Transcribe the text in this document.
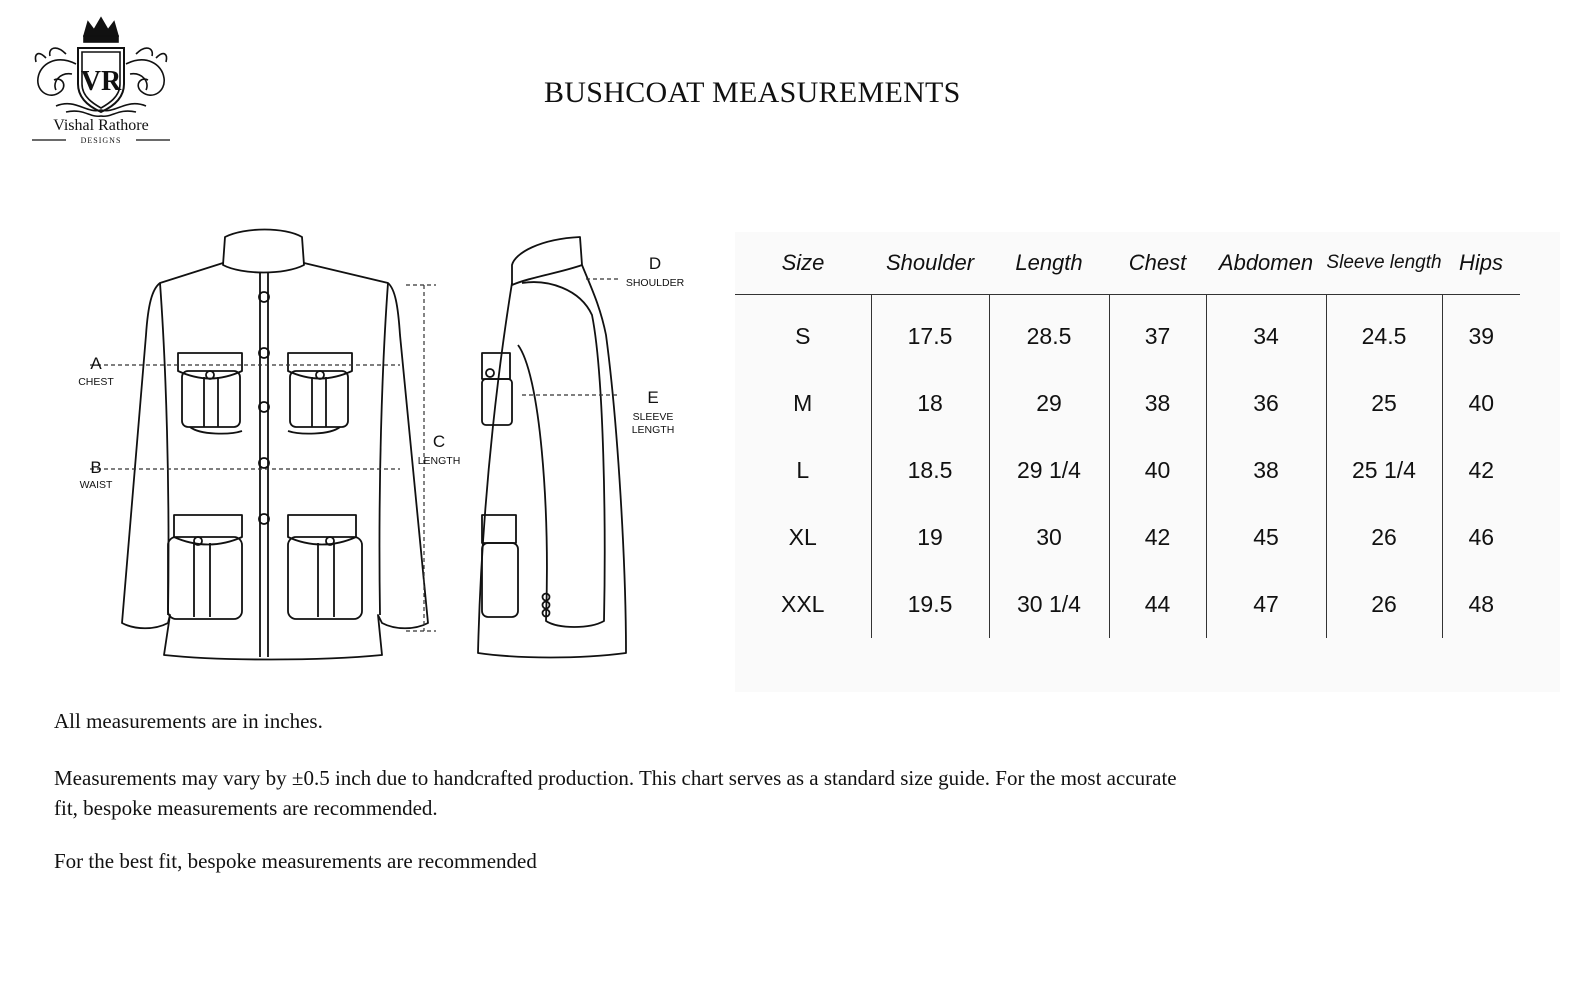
VR
Vishal Rathore
DESIGNS
BUSHCOAT MEASUREMENTS
A
CHEST
B
WAIST
C
LENGTH
D
SHOULDER
E
SLEEVE
LENGTH
Size	Shoulder	Length	Chest	Abdomen	Sleeve length	Hips
S	17.5	28.5	37	34	24.5	39
M	18	29	38	36	25	40
L	18.5	29 1/4	40	38	25 1/4	42
XL	19	30	42	45	26	46
XXL	19.5	30 1/4	44	47	26	48
All measurements are in inches.
Measurements may vary by ±0.5 inch due to handcrafted production. This chart serves as a standard size guide. For the most accurate fit, bespoke measurements are recommended.
For the best fit, bespoke measurements are recommended
